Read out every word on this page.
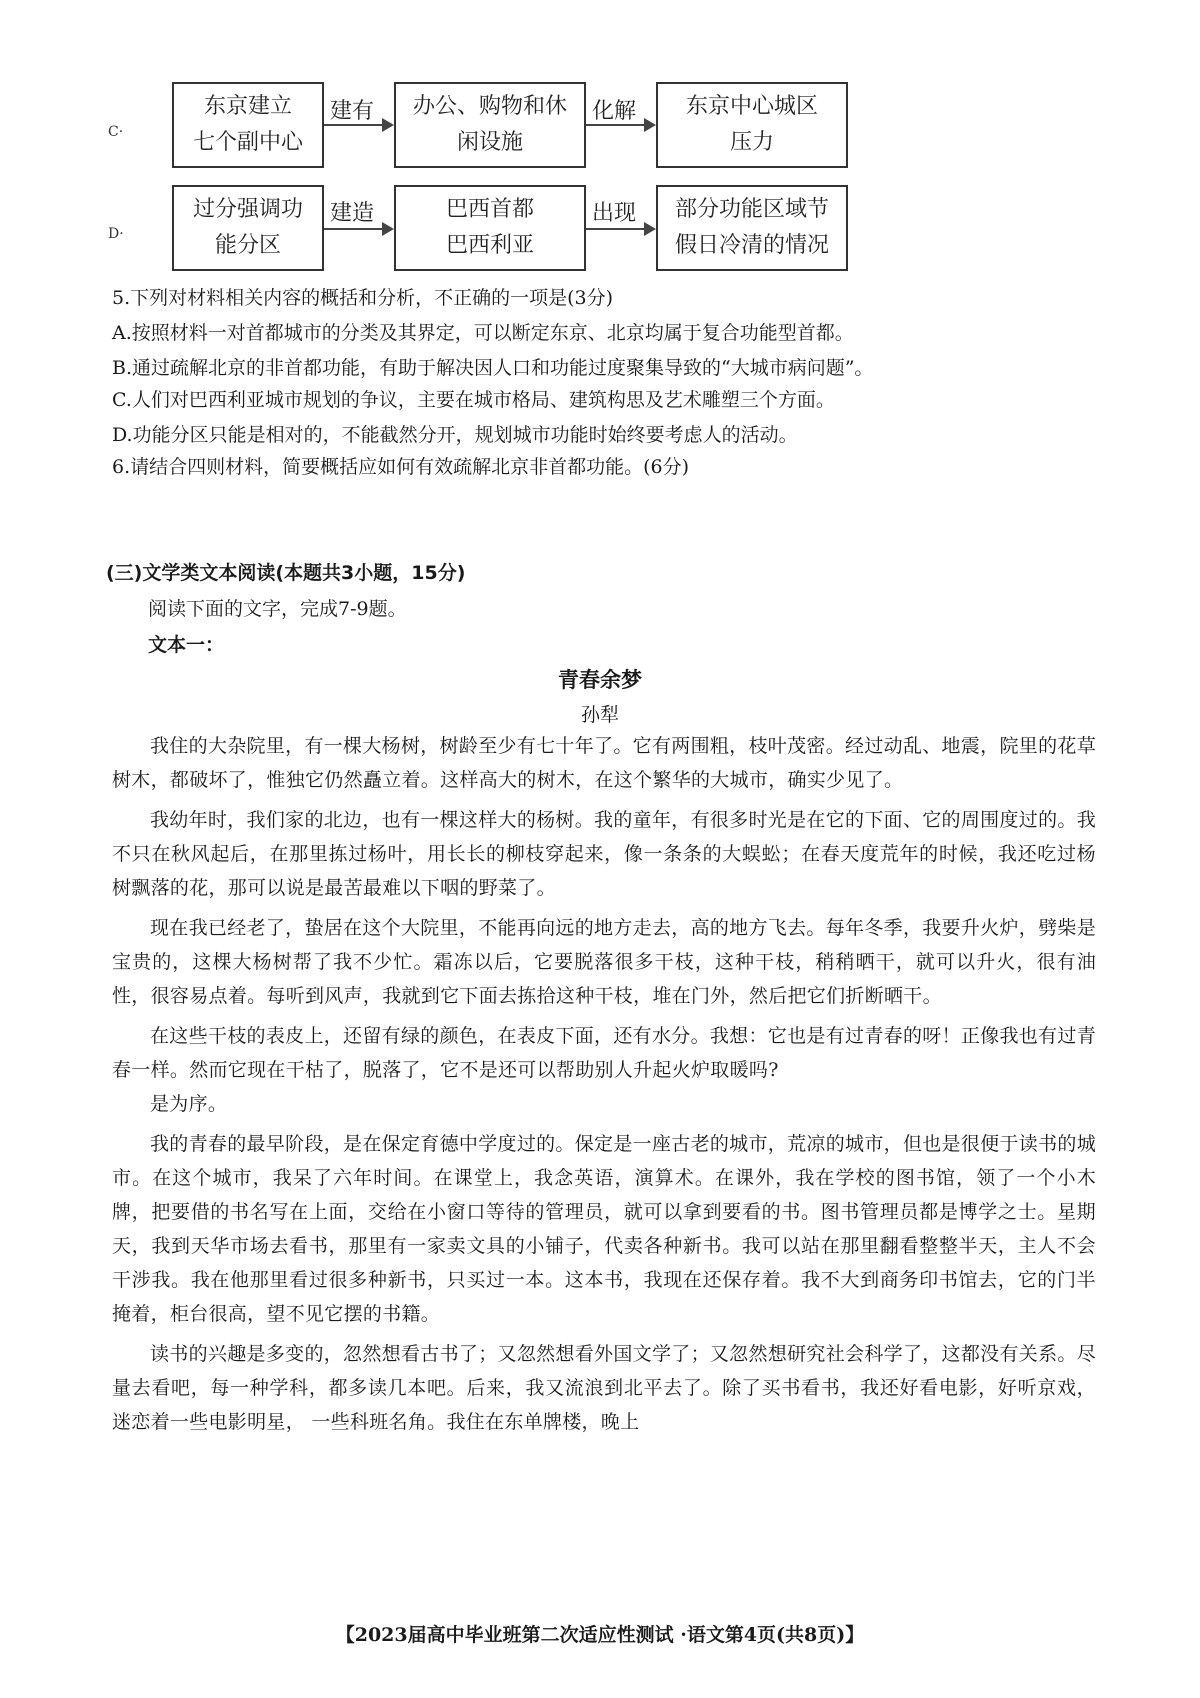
C·
东京建立
七个副中心
建有 办公、购物和休
闲设施
化解 东京中心城区
压力
D·
过分强调功
能分区
建造	巴西首都
巴西利亚
出现 部分功能区域节
假日冷清的情况
5.下列对材料相关内容的概括和分析，不正确的一项是(3分)
A.按照材料一对首都城市的分类及其界定，可以断定东京、北京均属于复合功能型首都。
B.通过疏解北京的非首都功能，有助于解决因人口和功能过度聚集导致的“大城市病问题”。
C.人们对巴西利亚城市规划的争议，主要在城市格局、建筑构思及艺术雕塑三个方面。
D.功能分区只能是相对的，不能截然分开，规划城市功能时始终要考虑人的活动。
6.请结合四则材料，简要概括应如何有效疏解北京非首都功能。(6分)
(三)文学类文本阅读(本题共3小题，15分)
阅读下面的文字，完成7-9题。
文本一：
青春余梦
孙犁

我住的大杂院里，有一棵大杨树，树龄至少有七十年了。它有两围粗，枝叶茂密。经过动乱、地震，院里的花草树木，都破坏了，惟独它仍然矗立着。这样高大的树木，在这个繁华的大城市，确实少见了。

我幼年时，我们家的北边，也有一棵这样大的杨树。我的童年，有很多时光是在它的下面、它的周围度过的。我不只在秋风起后，在那里拣过杨叶，用长长的柳枝穿起来，像一条条的大蜈蚣；在春天度荒年的时候，我还吃过杨树飘落的花，那可以说是最苦最难以下咽的野菜了。

现在我已经老了，蛰居在这个大院里，不能再向远的地方走去，高的地方飞去。每年冬季，我要升火炉，劈柴是宝贵的，这棵大杨树帮了我不少忙。霜冻以后，它要脱落很多干枝，这种干枝，稍稍晒干，就可以升火，很有油性，很容易点着。每听到风声，我就到它下面去拣拾这种干枝，堆在门外，然后把它们折断晒干。

在这些干枝的表皮上，还留有绿的颜色，在表皮下面，还有水分。我想：它也是有过青春的呀！正像我也有过青春一样。然而它现在干枯了，脱落了，它不是还可以帮助别人升起火炉取暖吗?

是为序。

我的青春的最早阶段，是在保定育德中学度过的。保定是一座古老的城市，荒凉的城市，但也是很便于读书的城市。在这个城市，我呆了六年时间。在课堂上，我念英语，演算术。在课外，我在学校的图书馆，领了一个小木牌，把要借的书名写在上面，交给在小窗口等待的管理员，就可以拿到要看的书。图书管理员都是博学之士。星期天，我到天华市场去看书，那里有一家卖文具的小铺子，代卖各种新书。我可以站在那里翻看整整半天，主人不会干涉我。我在他那里看过很多种新书，只买过一本。这本书，我现在还保存着。我不大到商务印书馆去，它的门半掩着，柜台很高，望不见它摆的书籍。

读书的兴趣是多变的，忽然想看古书了；又忽然想看外国文学了；又忽然想研究社会科学了，这都没有关系。尽量去看吧，每一种学科，都多读几本吧。后来，我又流浪到北平去了。除了买书看书，我还好看电影，好听京戏，迷恋着一些电影明星， 一些科班名角。我住在东单牌楼，晚上

【2023届高中毕业班第二次适应性测试 ·语文第4页(共8页)】
